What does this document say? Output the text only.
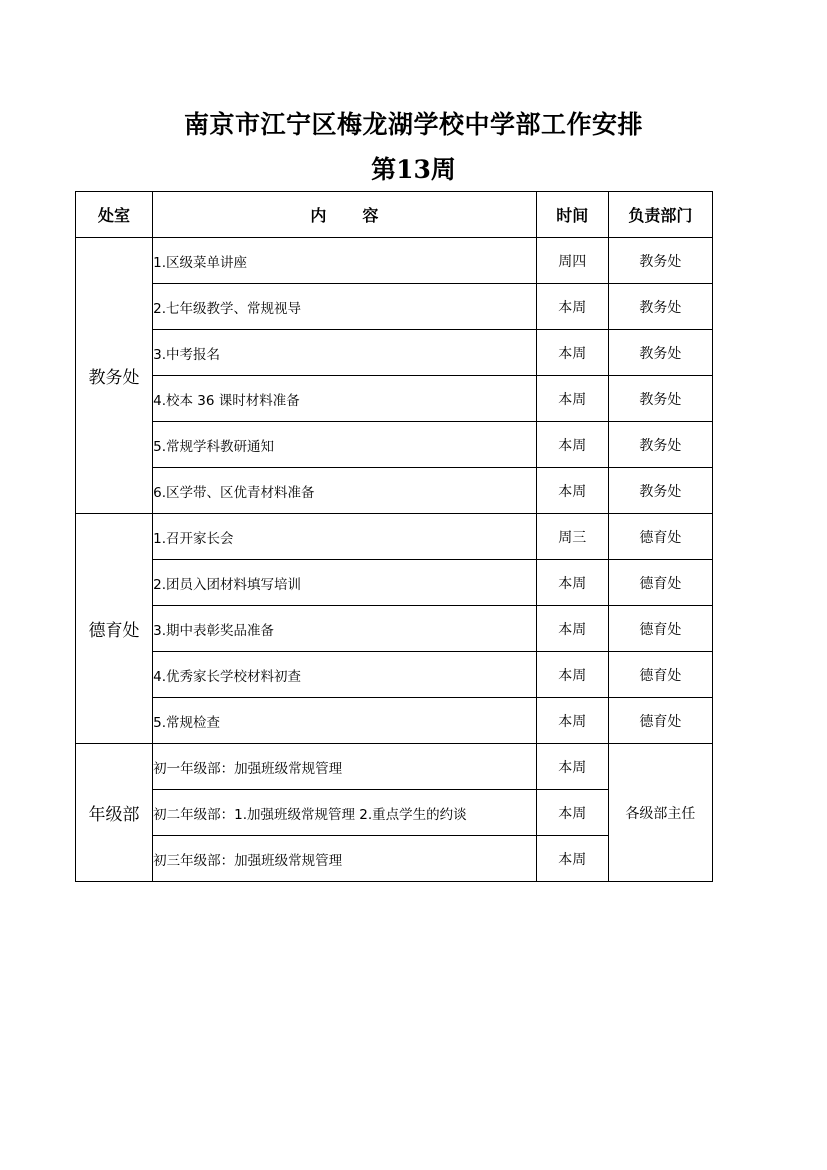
南京市江宁区梅龙湖学校中学部工作安排
第13周
处室	内 容	时间	负责部门
教务处	1.区级菜单讲座	周四	教务处
	2.七年级教学、常规视导	本周	教务处
	3.中考报名	本周	教务处
	4.校本 36 课时材料准备	本周	教务处
	5.常规学科教研通知	本周	教务处
	6.区学带、区优青材料准备	本周	教务处
德育处	1.召开家长会	周三	德育处
	2.团员入团材料填写培训	本周	德育处
	3.期中表彰奖品准备	本周	德育处
	4.优秀家长学校材料初查	本周	德育处
	5.常规检查	本周	德育处
年级部	初一年级部：加强班级常规管理	本周	各级部主任
	初二年级部：1.加强班级常规管理 2.重点学生的约谈	本周	
	初三年级部：加强班级常规管理	本周	
